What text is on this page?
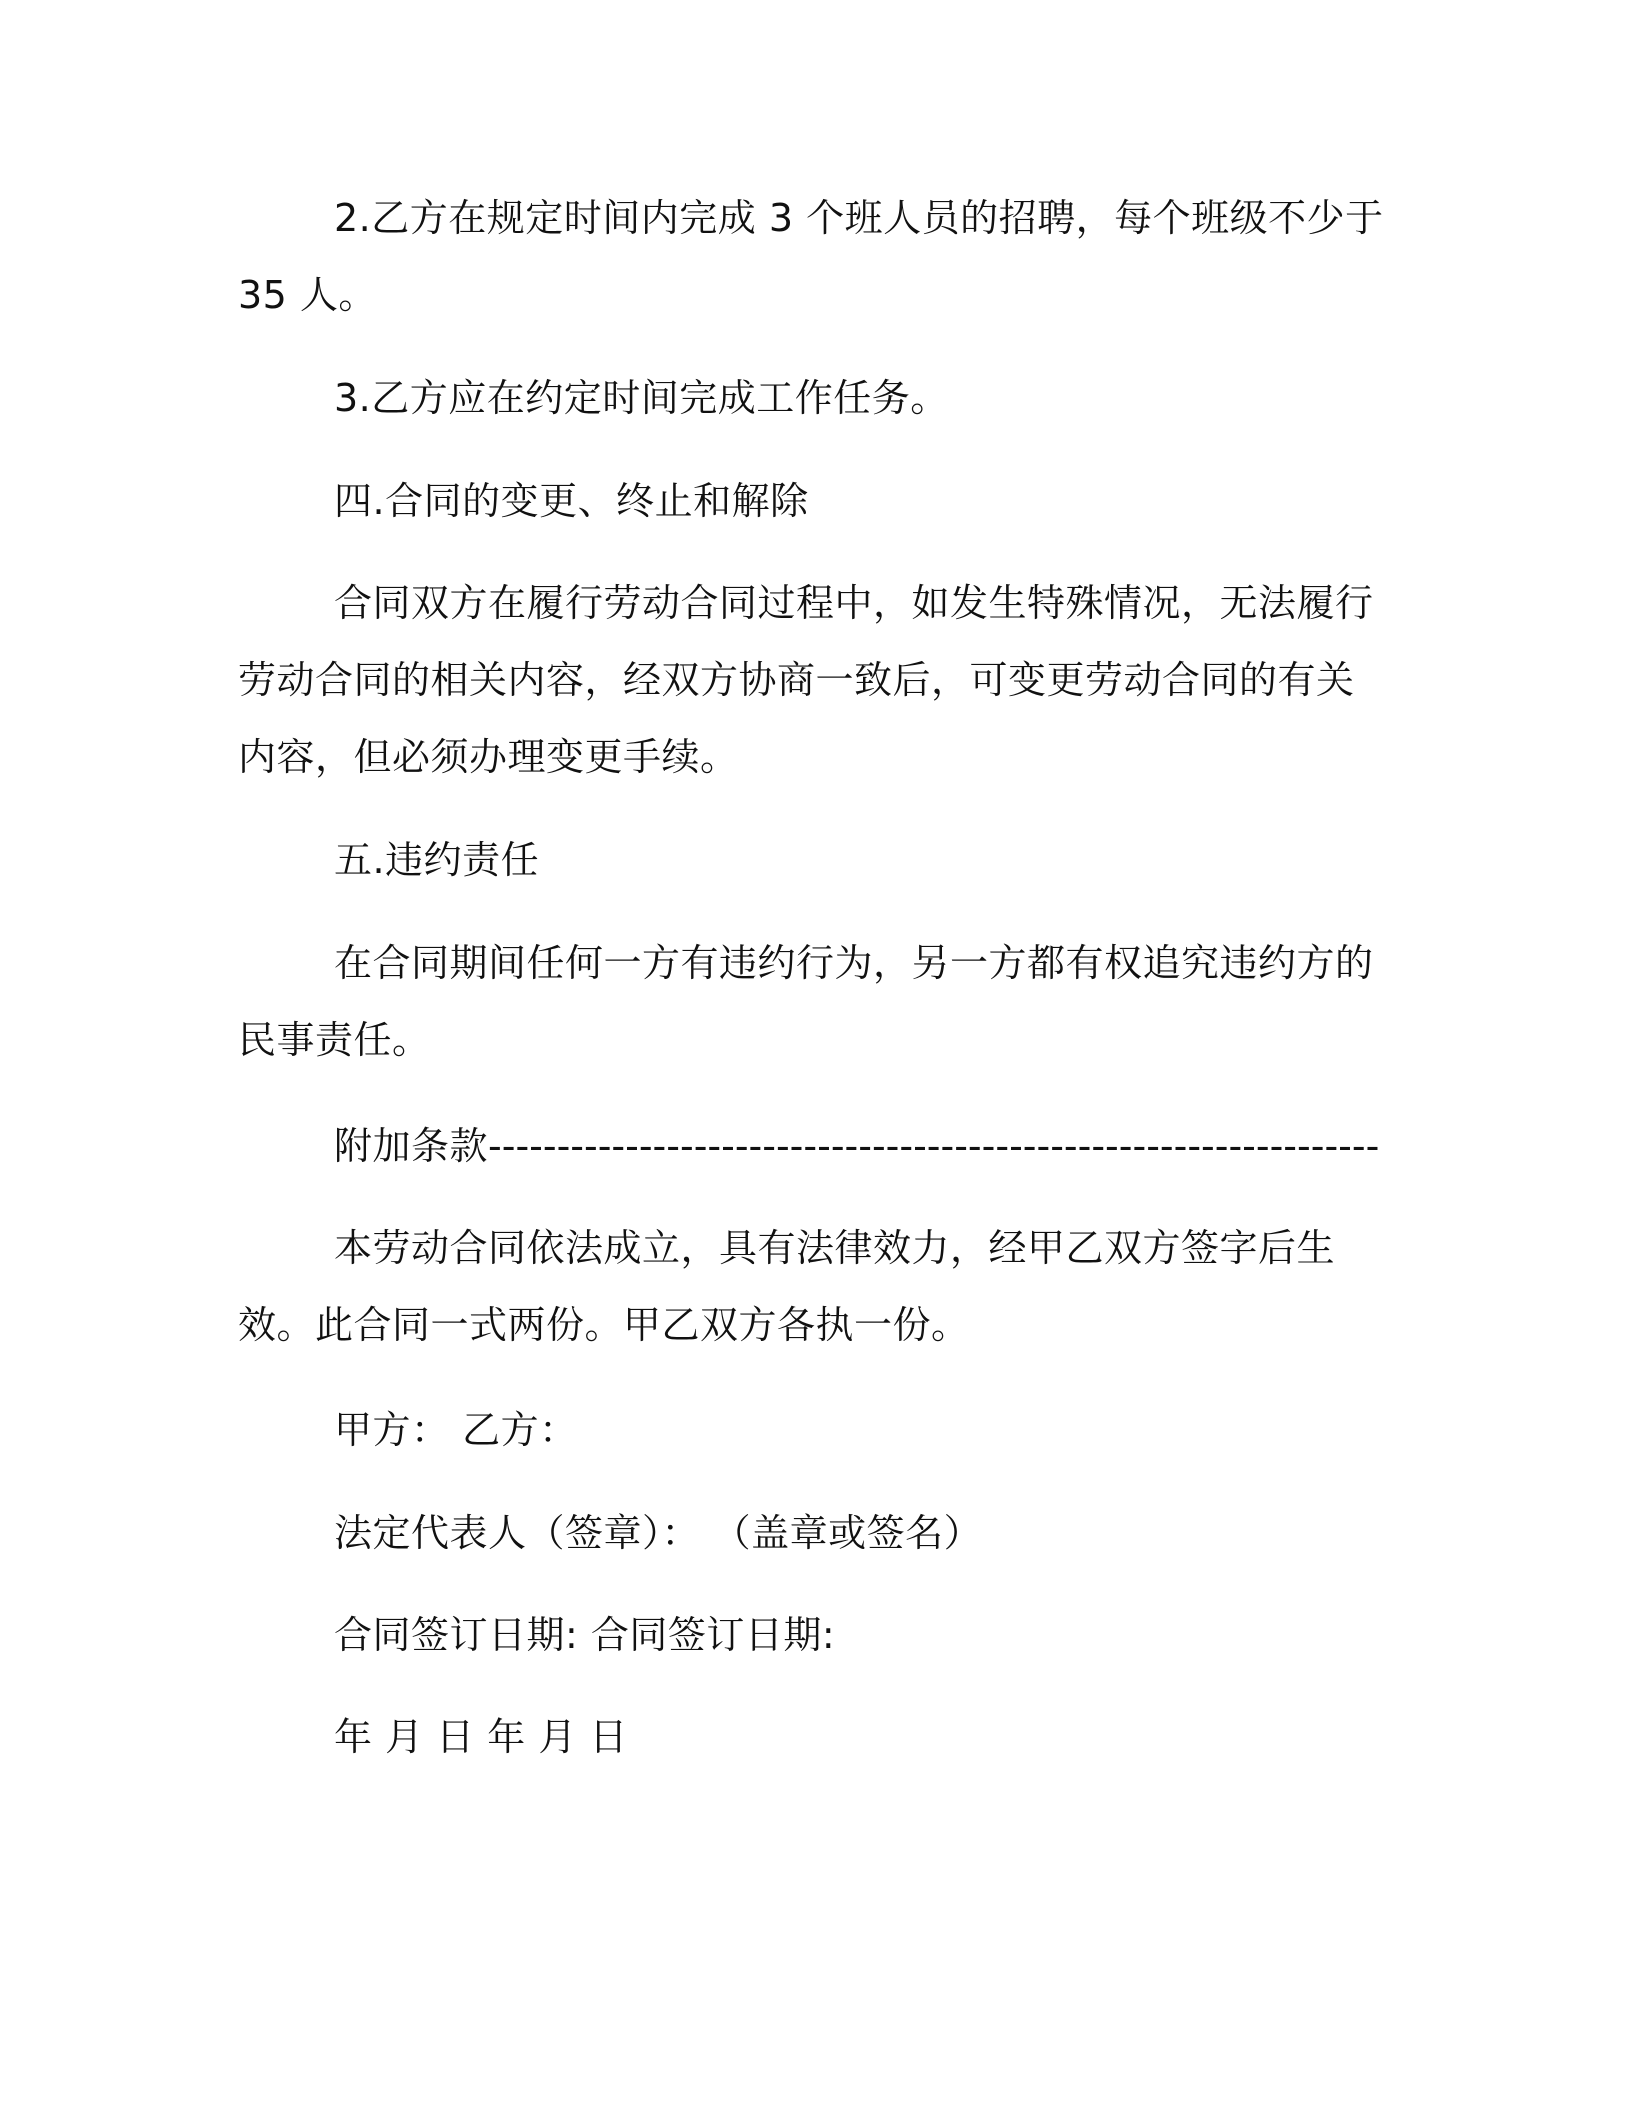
2.乙方在规定时间内完成 3 个班人员的招聘，每个班级不少于 35 人。
3.乙方应在约定时间完成工作任务。
四.合同的变更、终止和解除
合同双方在履行劳动合同过程中，如发生特殊情况，无法履行劳动合同的相关内容，经双方协商一致后，可变更劳动合同的有关内容，但必须办理变更手续。
五.违约责任
在合同期间任何一方有违约行为，另一方都有权追究违约方的民事责任。
附加条款-----------------------------------------------------------------
本劳动合同依法成立，具有法律效力，经甲乙双方签字后生效。此合同一式两份。甲乙双方各执一份。
甲方： 乙方：
法定代表人（签章）： （盖章或签名）
合同签订日期: 合同签订日期:
年 月 日 年 月 日
